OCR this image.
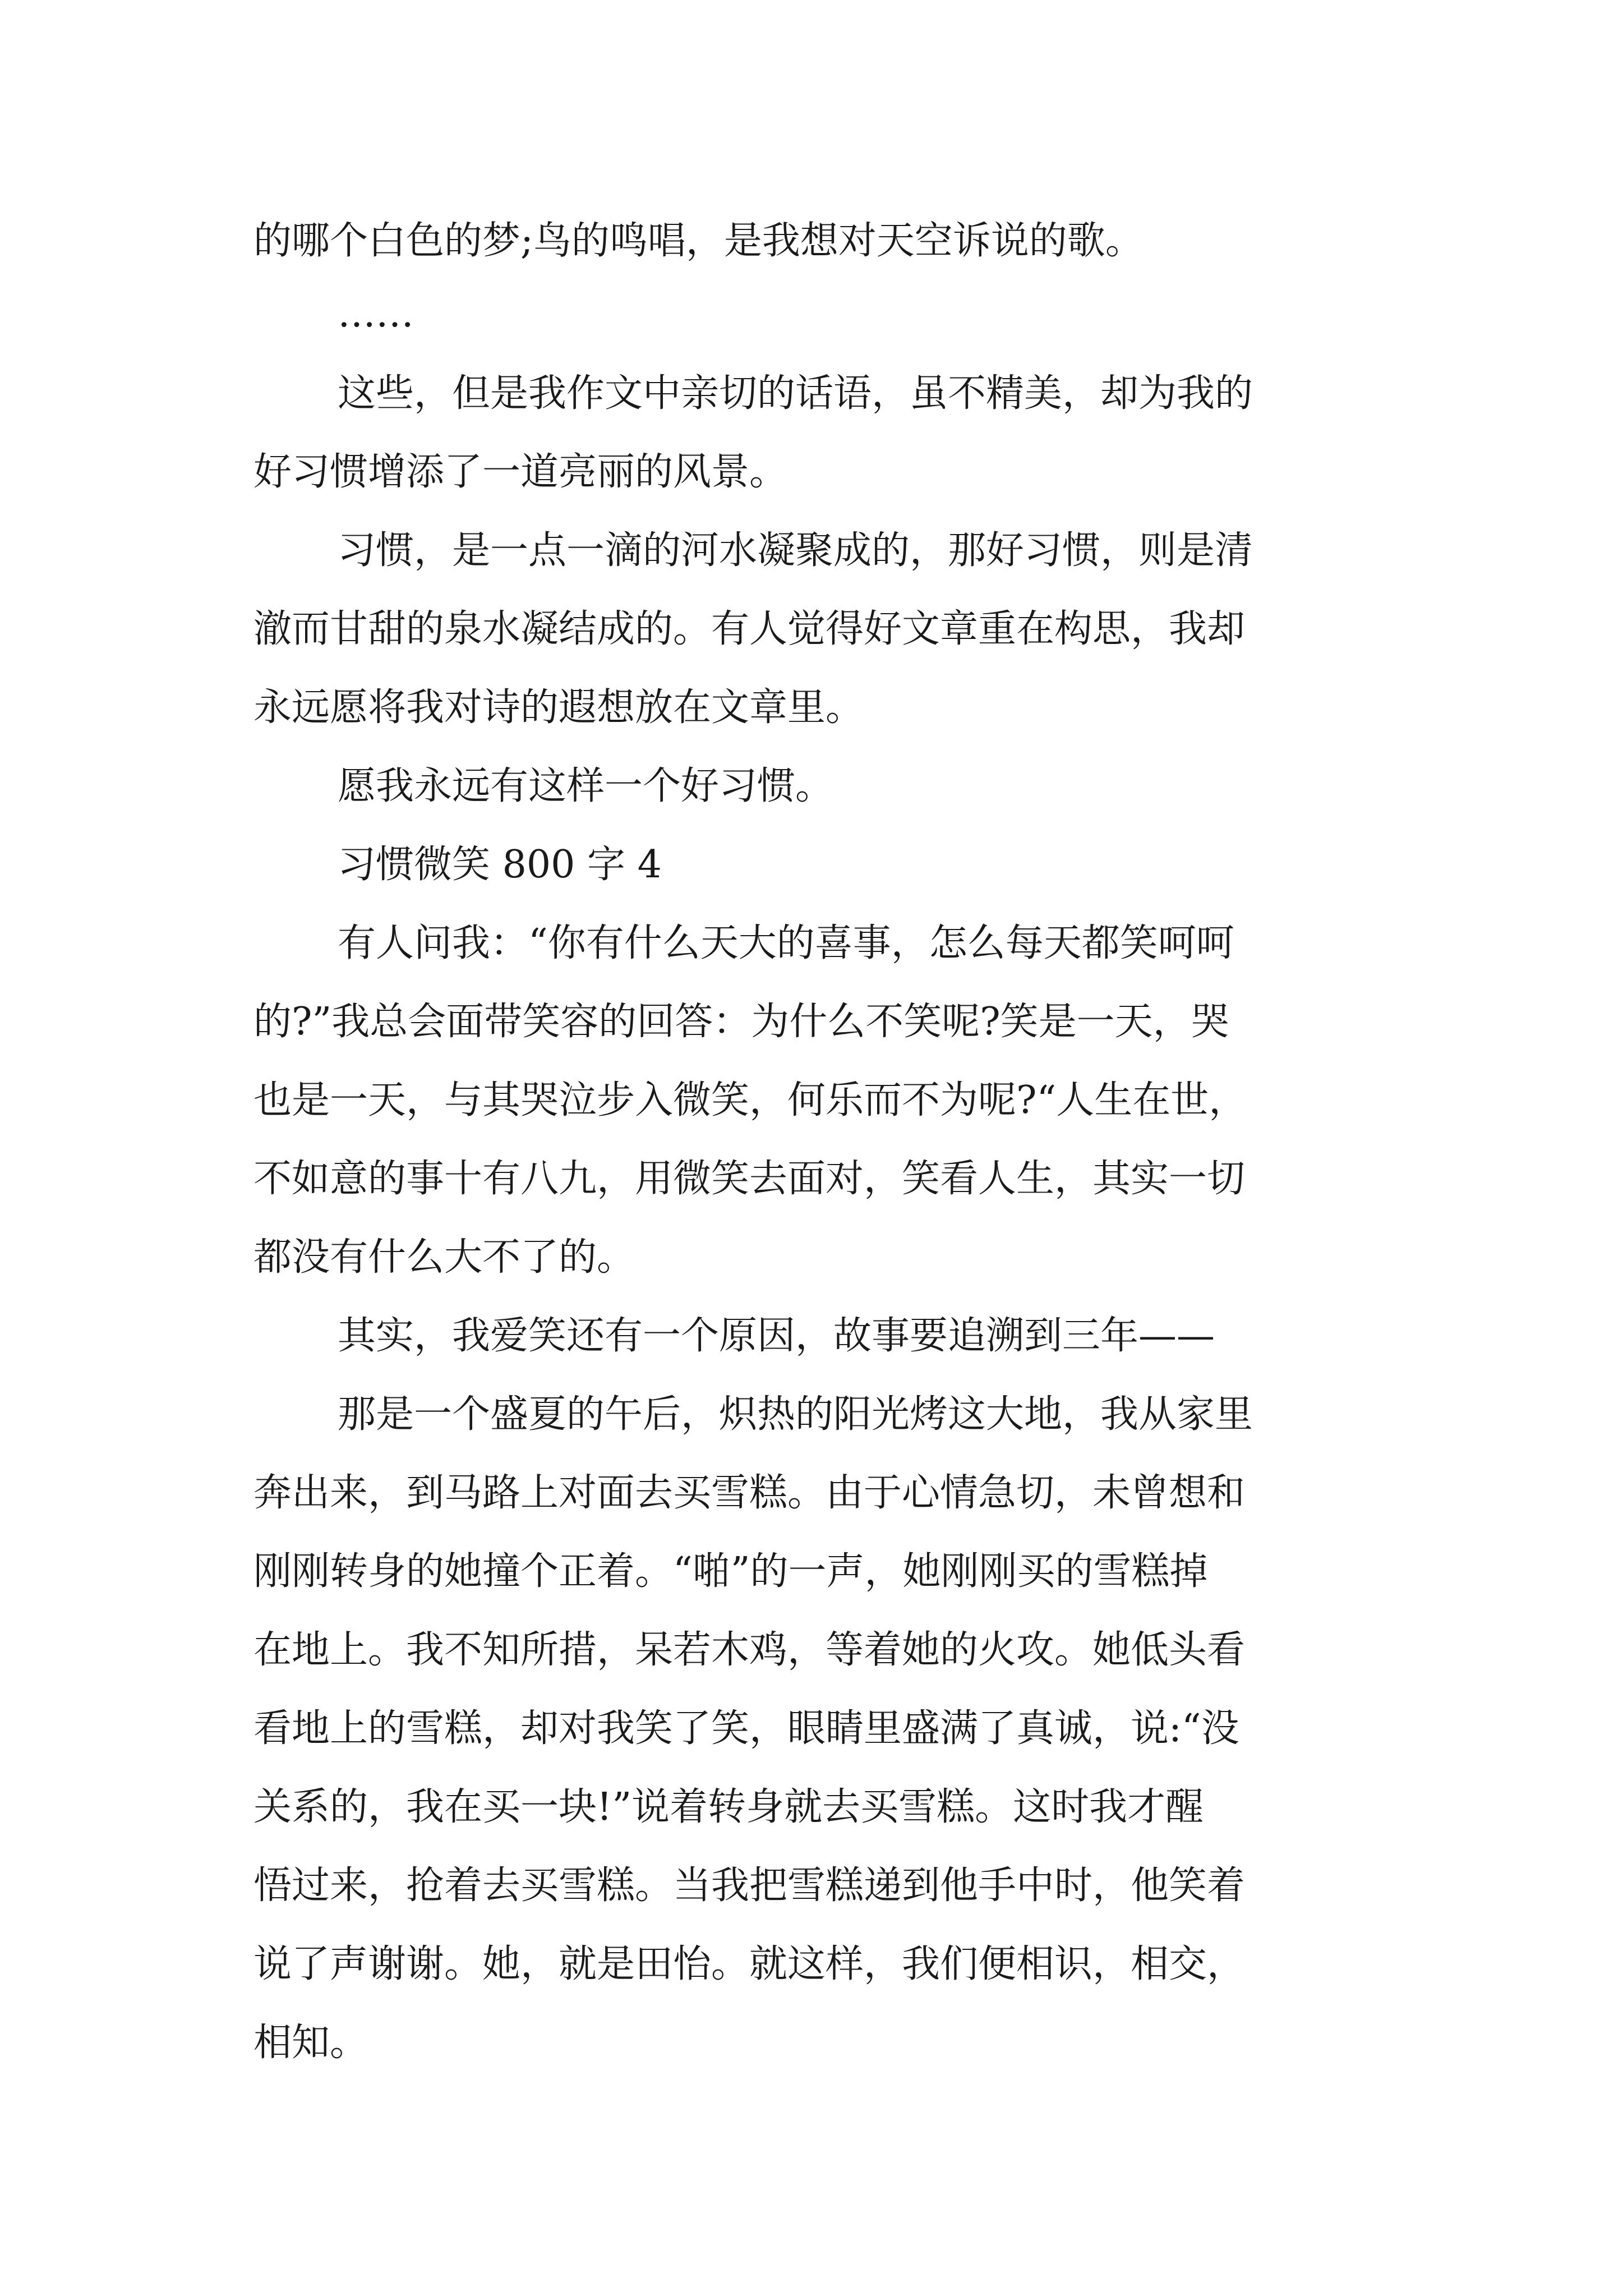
的哪个白色的梦;鸟的鸣唱，是我想对天空诉说的歌。

……

这些，但是我作文中亲切的话语，虽不精美，却为我的

好习惯增添了一道亮丽的风景。

习惯，是一点一滴的河水凝聚成的，那好习惯，则是清

澈而甘甜的泉水凝结成的。有人觉得好文章重在构思，我却

永远愿将我对诗的遐想放在文章里。

愿我永远有这样一个好习惯。

习惯微笑 800 字 4

有人问我：“你有什么天大的喜事，怎么每天都笑呵呵

的?”我总会面带笑容的回答：为什么不笑呢?笑是一天，哭

也是一天，与其哭泣步入微笑，何乐而不为呢?“人生在世，

不如意的事十有八九，用微笑去面对，笑看人生，其实一切

都没有什么大不了的。

其实，我爱笑还有一个原因，故事要追溯到三年——

那是一个盛夏的午后，炽热的阳光烤这大地，我从家里

奔出来，到马路上对面去买雪糕。由于心情急切，未曾想和

刚刚转身的她撞个正着。“啪”的一声，她刚刚买的雪糕掉

在地上。我不知所措，呆若木鸡，等着她的火攻。她低头看

看地上的雪糕，却对我笑了笑，眼睛里盛满了真诚，说:“没

关系的，我在买一块!”说着转身就去买雪糕。这时我才醒

悟过来，抢着去买雪糕。当我把雪糕递到他手中时，他笑着

说了声谢谢。她，就是田怡。就这样，我们便相识，相交，

相知。
